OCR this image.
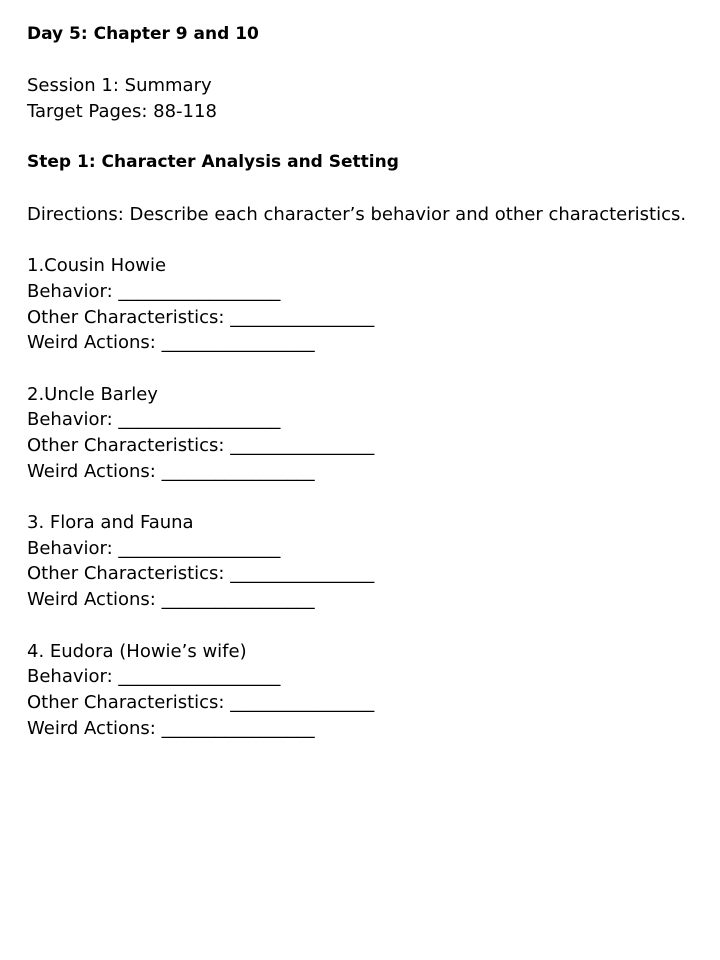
Day 5: Chapter 9 and 10
Session 1: Summary
Target Pages: 88-118
Step 1: Character Analysis and Setting
Directions: Describe each character’s behavior and other characteristics.
1.Cousin Howie
Behavior: __________________
Other Characteristics: ________________
Weird Actions: _________________
2.Uncle Barley
Behavior: __________________
Other Characteristics: ________________
Weird Actions: _________________
3. Flora and Fauna
Behavior: __________________
Other Characteristics: ________________
Weird Actions: _________________
4. Eudora (Howie’s wife)
Behavior: __________________
Other Characteristics: ________________
Weird Actions: _________________
